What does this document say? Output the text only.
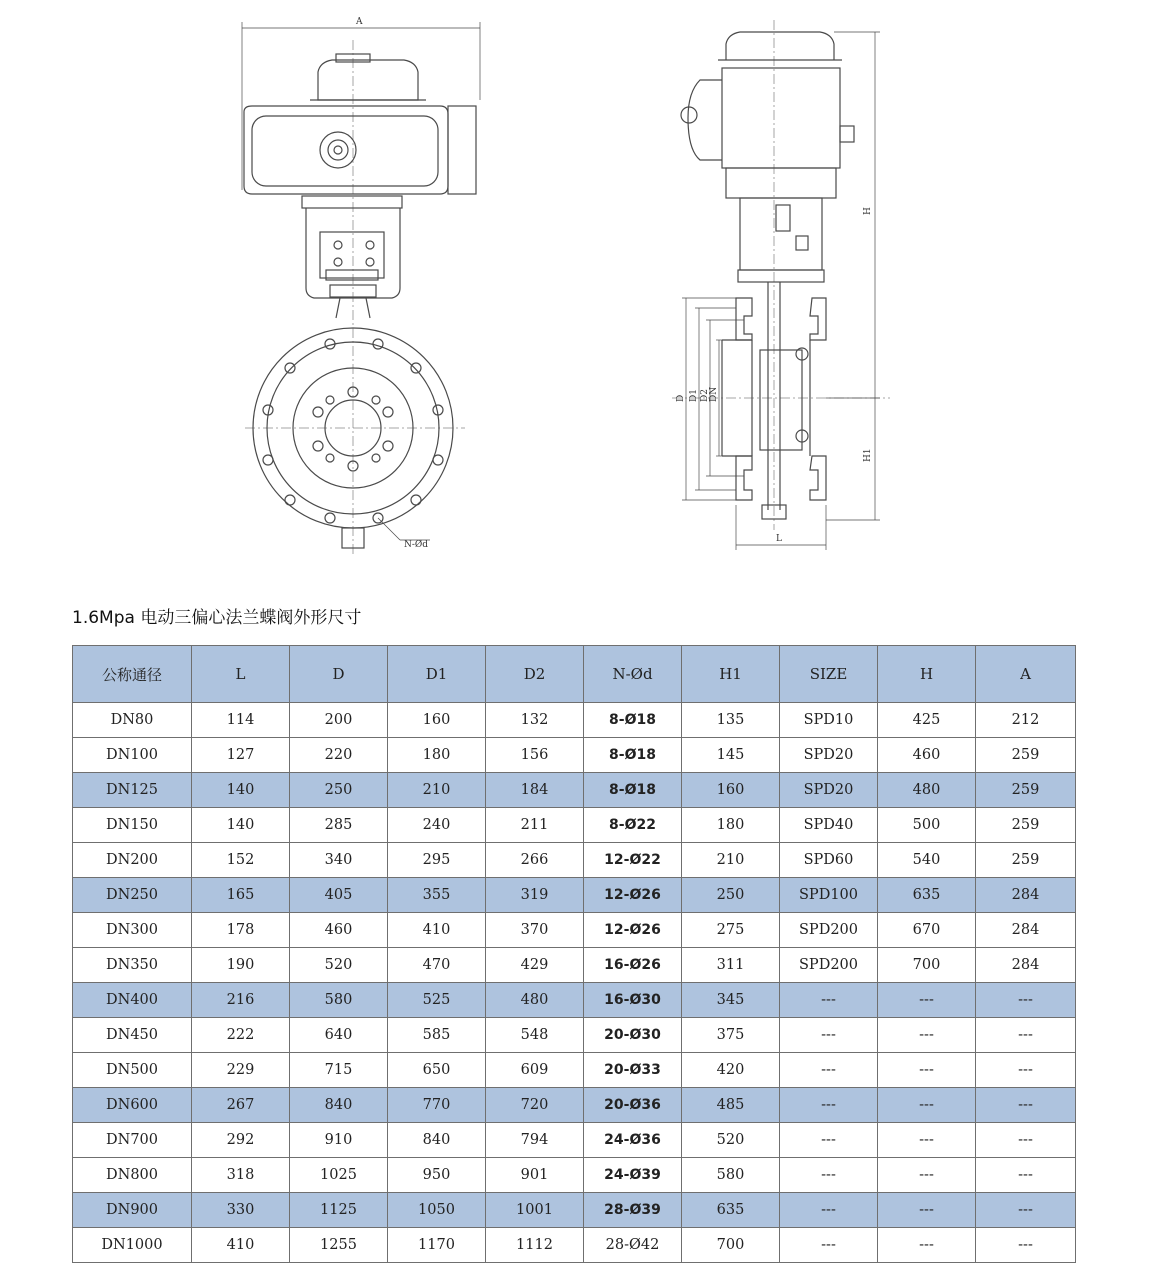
A
N-Ød
H
H1
L
D D1 D2 DN
1.6Mpa 电动三偏心法兰蝶阀外形尺寸
公称通径	L	D	D1	D2	N-Ød	H1	SIZE	H	A
DN80	114	200	160	132	8-Ø18	135	SPD10	425	212
DN100	127	220	180	156	8-Ø18	145	SPD20	460	259
DN125	140	250	210	184	8-Ø18	160	SPD20	480	259
DN150	140	285	240	211	8-Ø22	180	SPD40	500	259
DN200	152	340	295	266	12-Ø22	210	SPD60	540	259
DN250	165	405	355	319	12-Ø26	250	SPD100	635	284
DN300	178	460	410	370	12-Ø26	275	SPD200	670	284
DN350	190	520	470	429	16-Ø26	311	SPD200	700	284
DN400	216	580	525	480	16-Ø30	345	---	---	---
DN450	222	640	585	548	20-Ø30	375	---	---	---
DN500	229	715	650	609	20-Ø33	420	---	---	---
DN600	267	840	770	720	20-Ø36	485	---	---	---
DN700	292	910	840	794	24-Ø36	520	---	---	---
DN800	318	1025	950	901	24-Ø39	580	---	---	---
DN900	330	1125	1050	1001	28-Ø39	635	---	---	---
DN1000	410	1255	1170	1112	28-Ø42	700	---	---	---
